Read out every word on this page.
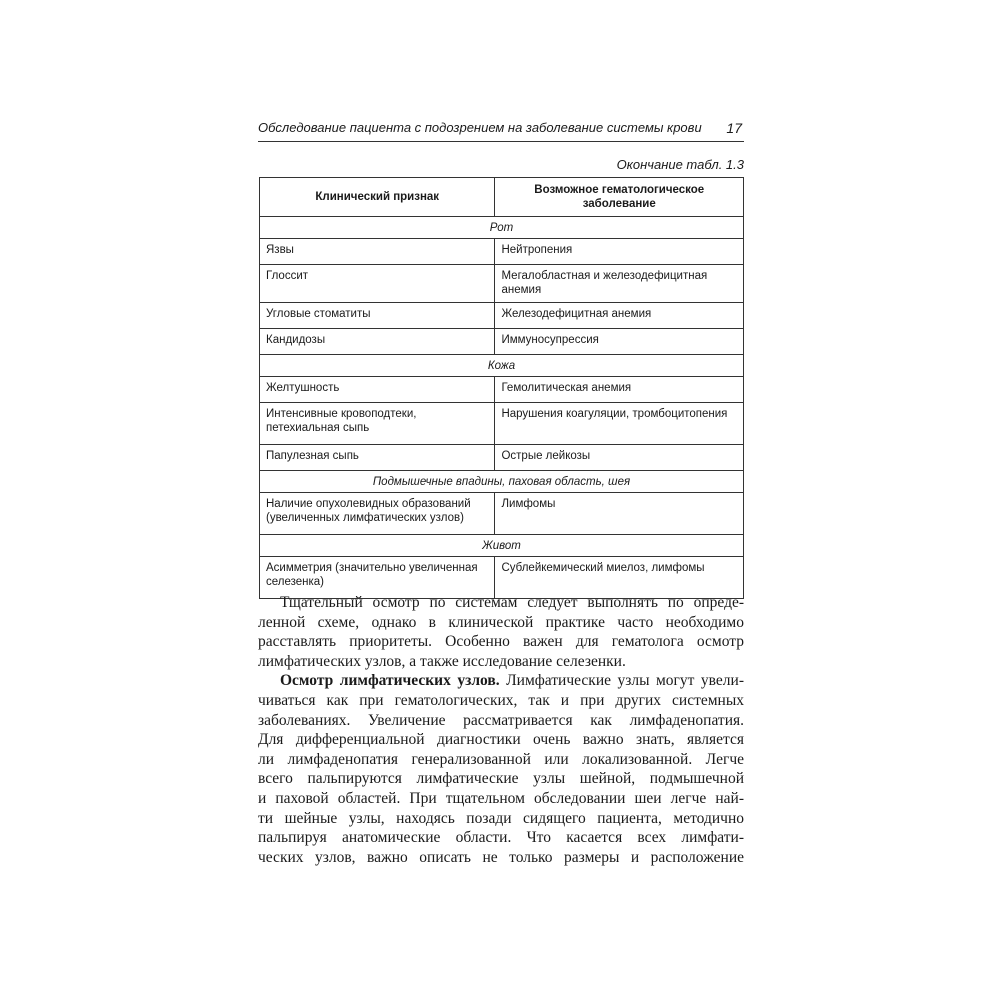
Обследование пациента с подозрением на заболевание системы крови 17
Окончание табл. 1.3
Клинический признак	Возможное гематологическое заболевание
Рот	
Язвы	Нейтропения
Глоссит	Мегалобластная и железодефицитная анемия
Угловые стоматиты	Железодефицитная анемия
Кандидозы	Иммуносупрессия
Кожа	
Желтушность	Гемолитическая анемия
Интенсивные кровоподтеки, петехиальная сыпь	Нарушения коагуляции, тромбоцитопения
Папулезная сыпь	Острые лейкозы
Подмышечные впадины, паховая область, шея	
Наличие опухолевидных образований (увеличенных лимфатических узлов)	Лимфомы
Живот	
Асимметрия (значительно увеличенная селезенка)	Сублейкемический миелоз, лимфомы
Тщательный осмотр по системам следует выполнять по опреде-
ленной схеме, однако в клинической практике часто необходимо
расставлять приоритеты. Особенно важен для гематолога осмотр
лимфатических узлов, а также исследование селезенки.
Осмотр лимфатических узлов. Лимфатические узлы могут увели-
чиваться как при гематологических, так и при других системных
заболеваниях. Увеличение рассматривается как лимфаденопатия.
Для дифференциальной диагностики очень важно знать, является
ли лимфаденопатия генерализованной или локализованной. Легче
всего пальпируются лимфатические узлы шейной, подмышечной
и паховой областей. При тщательном обследовании шеи легче най-
ти шейные узлы, находясь позади сидящего пациента, методично
пальпируя анатомические области. Что касается всех лимфати-
ческих узлов, важно описать не только размеры и расположение
